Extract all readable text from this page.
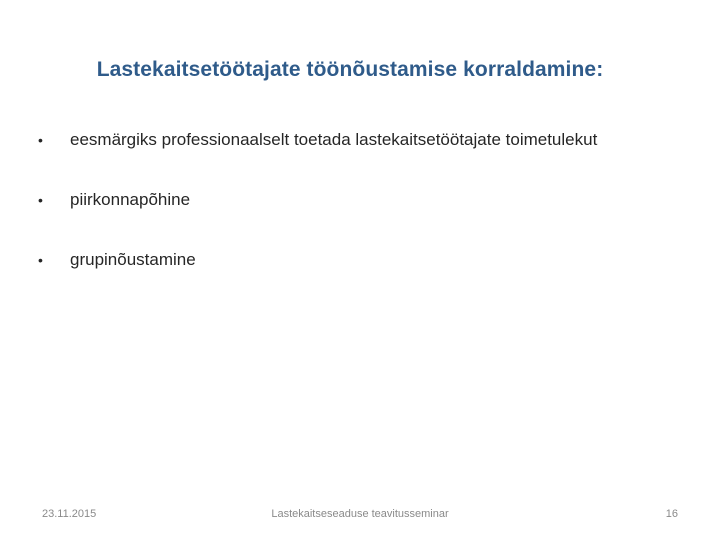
Lastekaitsetöötajate töönõustamise korraldamine:
•	eesmärgiks professionaalselt toetada lastekaitsetöötajate toimetulekut
•	piirkonnapõhine
•	grupinõustamine
23.11.2015	Lastekaitseseaduse teavitusseminar	16
